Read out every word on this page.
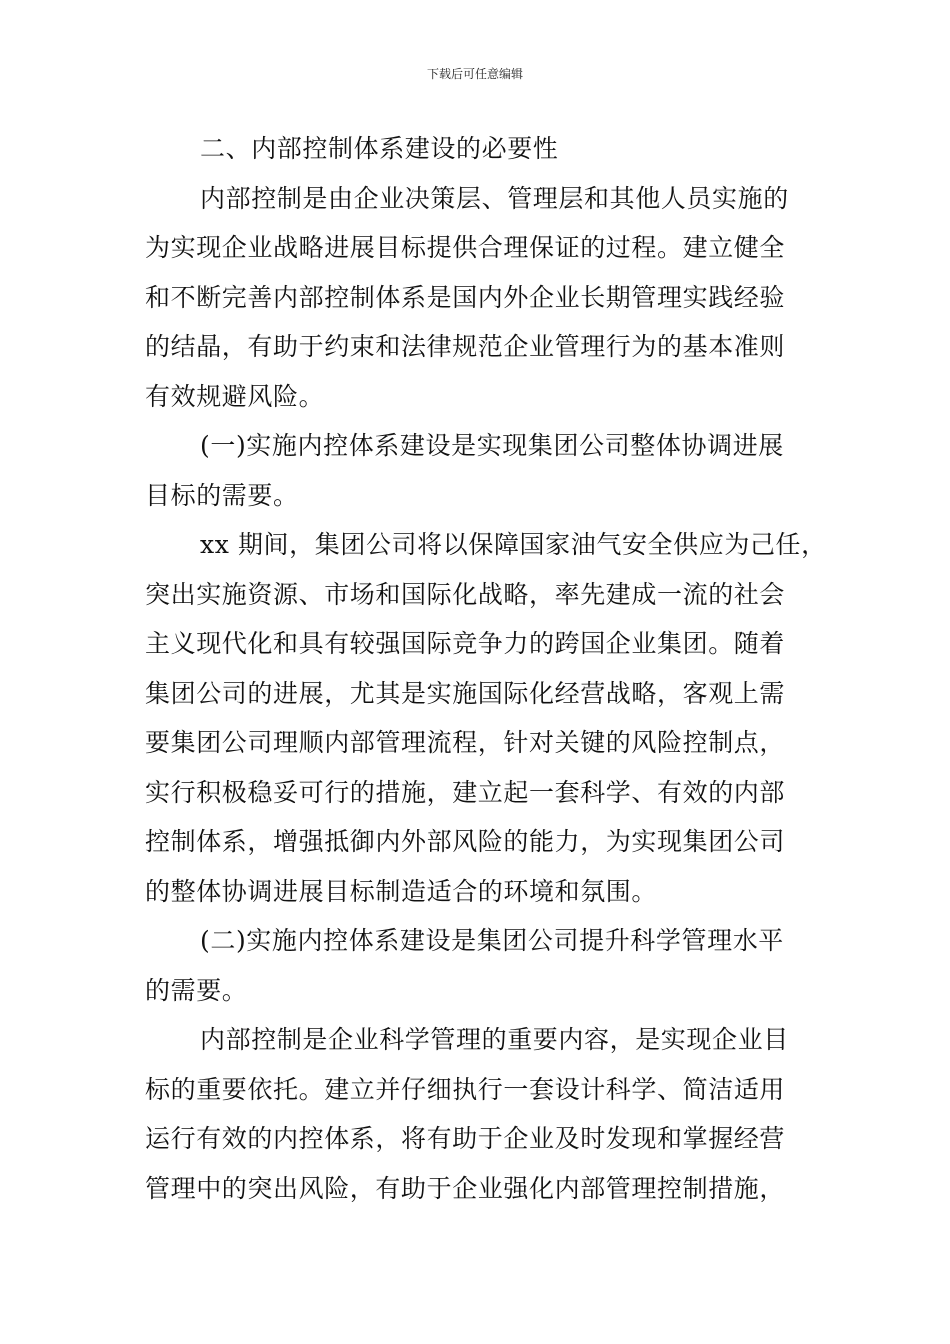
下载后可任意编辑

二、内部控制体系建设的必要性

内部控制是由企业决策层、管理层和其他人员实施的
为实现企业战略进展目标提供合理保证的过程。建立健全
和不断完善内部控制体系是国内外企业长期管理实践经验
的结晶，有助于约束和法律规范企业管理行为的基本准则
有效规避风险。

(一)实施内控体系建设是实现集团公司整体协调进展
目标的需要。

xx 期间，集团公司将以保障国家油气安全供应为己任，
突出实施资源、市场和国际化战略，率先建成一流的社会
主义现代化和具有较强国际竞争力的跨国企业集团。随着
集团公司的进展，尤其是实施国际化经营战略，客观上需
要集团公司理顺内部管理流程，针对关键的风险控制点，
实行积极稳妥可行的措施，建立起一套科学、有效的内部
控制体系，增强抵御内外部风险的能力，为实现集团公司
的整体协调进展目标制造适合的环境和氛围。

(二)实施内控体系建设是集团公司提升科学管理水平
的需要。

内部控制是企业科学管理的重要内容，是实现企业目
标的重要依托。建立并仔细执行一套设计科学、简洁适用
运行有效的内控体系，将有助于企业及时发现和掌握经营
管理中的突出风险，有助于企业强化内部管理控制措施，
